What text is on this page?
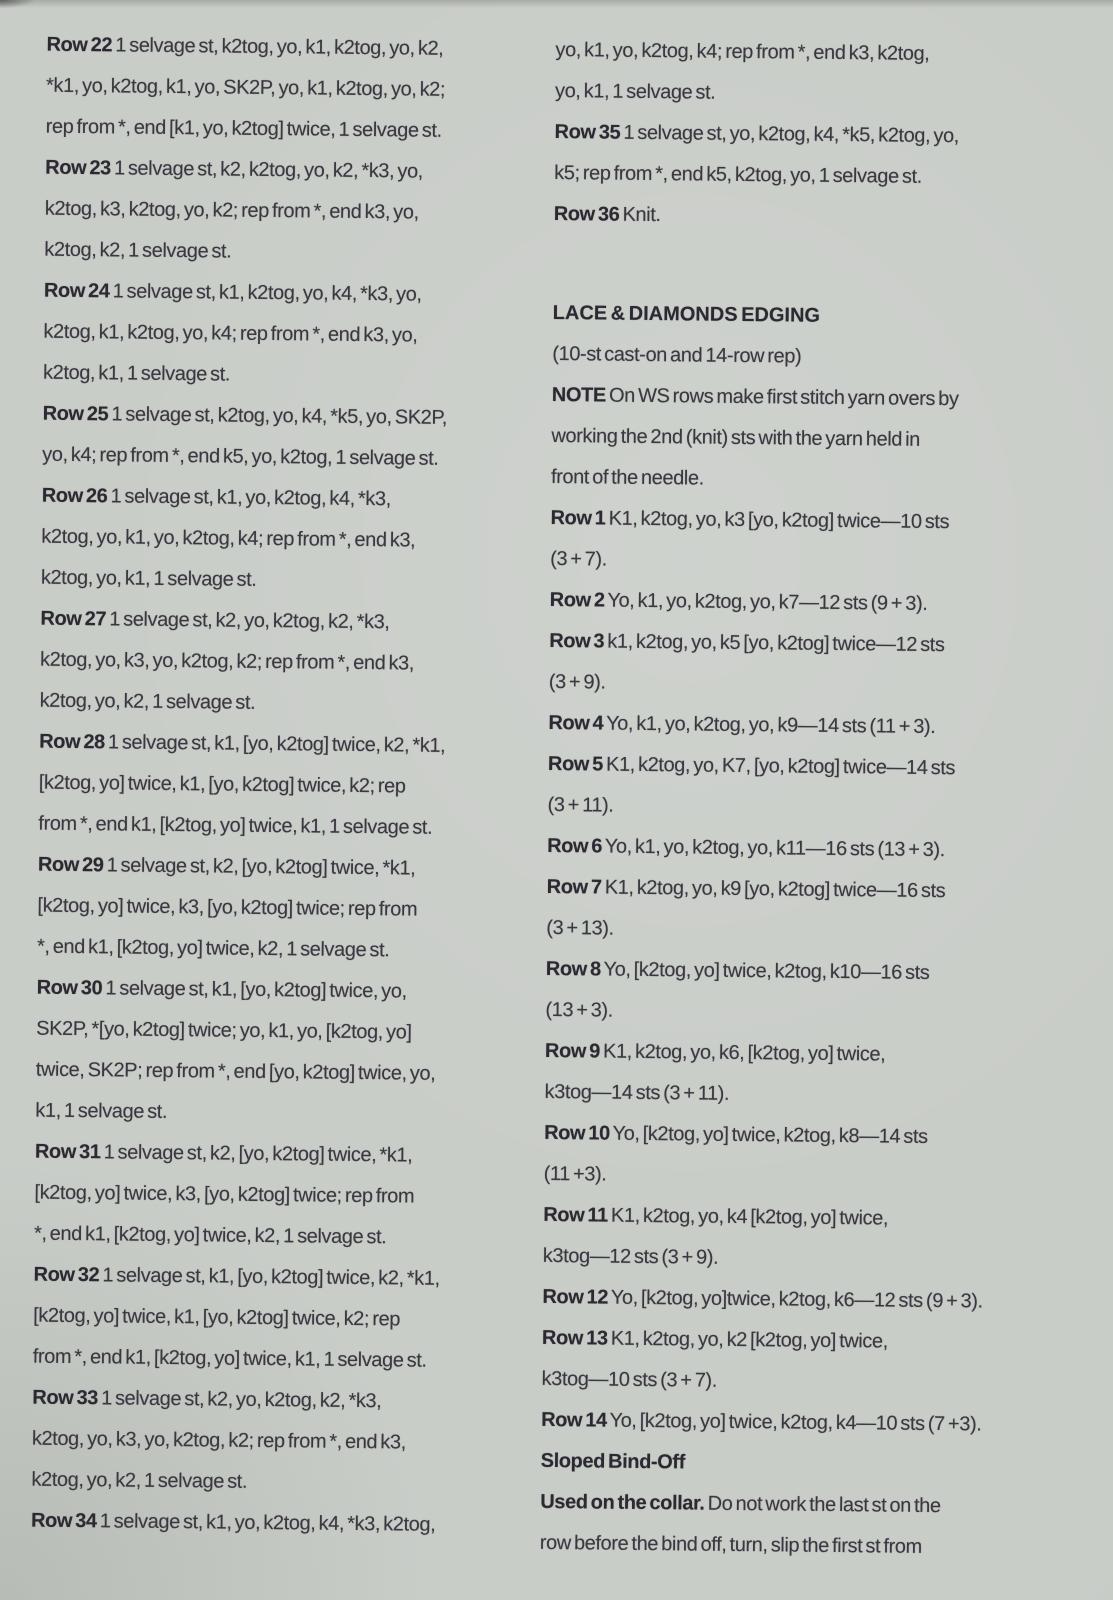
Row 22 1 selvage st, k2tog, yo, k1, k2tog, yo, k2,
*k1, yo, k2tog, k1, yo, SK2P, yo, k1, k2tog, yo, k2;
rep from *, end [k1, yo, k2tog] twice, 1 selvage st.

Row 23 1 selvage st, k2, k2tog, yo, k2, *k3, yo,
k2tog, k3, k2tog, yo, k2; rep from *, end k3, yo,
k2tog, k2, 1 selvage st.

Row 24 1 selvage st, k1, k2tog, yo, k4, *k3, yo,
k2tog, k1, k2tog, yo, k4; rep from *, end k3, yo,
k2tog, k1, 1 selvage st.

Row 25 1 selvage st, k2tog, yo, k4, *k5, yo, SK2P,
yo, k4; rep from *, end k5, yo, k2tog, 1 selvage st.

Row 26 1 selvage st, k1, yo, k2tog, k4, *k3,
k2tog, yo, k1, yo, k2tog, k4; rep from *, end k3,
k2tog, yo, k1, 1 selvage st.

Row 27 1 selvage st, k2, yo, k2tog, k2, *k3,
k2tog, yo, k3, yo, k2tog, k2; rep from *, end k3,
k2tog, yo, k2, 1 selvage st.

Row 28 1 selvage st, k1, [yo, k2tog] twice, k2, *k1,
[k2tog, yo] twice, k1, [yo, k2tog] twice, k2; rep
from *, end k1, [k2tog, yo] twice, k1, 1 selvage st.

Row 29 1 selvage st, k2, [yo, k2tog] twice, *k1,
[k2tog, yo] twice, k3, [yo, k2tog] twice; rep from
*, end k1, [k2tog, yo] twice, k2, 1 selvage st.

Row 30 1 selvage st, k1, [yo, k2tog] twice, yo,
SK2P, *[yo, k2tog] twice; yo, k1, yo, [k2tog, yo]
twice, SK2P; rep from *, end [yo, k2tog] twice, yo,
k1, 1 selvage st.

Row 31 1 selvage st, k2, [yo, k2tog] twice, *k1,
[k2tog, yo] twice, k3, [yo, k2tog] twice; rep from
*, end k1, [k2tog, yo] twice, k2, 1 selvage st.

Row 32 1 selvage st, k1, [yo, k2tog] twice, k2, *k1,
[k2tog, yo] twice, k1, [yo, k2tog] twice, k2; rep
from *, end k1, [k2tog, yo] twice, k1, 1 selvage st.

Row 33 1 selvage st, k2, yo, k2tog, k2, *k3,
k2tog, yo, k3, yo, k2tog, k2; rep from *, end k3,
k2tog, yo, k2, 1 selvage st.

Row 34 1 selvage st, k1, yo, k2tog, k4, *k3, k2tog,

yo, k1, yo, k2tog, k4; rep from *, end k3, k2tog,
yo, k1, 1 selvage st.

Row 35 1 selvage st, yo, k2tog, k4, *k5, k2tog, yo,
k5; rep from *, end k5, k2tog, yo, 1 selvage st.

Row 36 Knit.

LACE & DIAMONDS EDGING

(10-st cast-on and 14-row rep)

NOTE On WS rows make first stitch yarn overs by
working the 2nd (knit) sts with the yarn held in
front of the needle.

Row 1 K1, k2tog, yo, k3 [yo, k2tog] twice—10 sts
(3 + 7).

Row 2 Yo, k1, yo, k2tog, yo, k7—12 sts (9 + 3).

Row 3 k1, k2tog, yo, k5 [yo, k2tog] twice—12 sts
(3 + 9).

Row 4 Yo, k1, yo, k2tog, yo, k9—14 sts (11 + 3).

Row 5 K1, k2tog, yo, K7, [yo, k2tog] twice—14 sts
(3 + 11).

Row 6 Yo, k1, yo, k2tog, yo, k11—16 sts (13 + 3).

Row 7 K1, k2tog, yo, k9 [yo, k2tog] twice—16 sts
(3 + 13).

Row 8 Yo, [k2tog, yo] twice, k2tog, k10—16 sts
(13 + 3).

Row 9 K1, k2tog, yo, k6, [k2tog, yo] twice,
k3tog—14 sts (3 + 11).

Row 10 Yo, [k2tog, yo] twice, k2tog, k8—14 sts
(11 +3).

Row 11 K1, k2tog, yo, k4 [k2tog, yo] twice,
k3tog—12 sts (3 + 9).

Row 12 Yo, [k2tog, yo]twice, k2tog, k6—12 sts (9 + 3).

Row 13 K1, k2tog, yo, k2 [k2tog, yo] twice,
k3tog—10 sts (3 + 7).

Row 14 Yo, [k2tog, yo] twice, k2tog, k4—10 sts (7 +3).

Sloped Bind-Off

Used on the collar. Do not work the last st on the
row before the bind off, turn, slip the first st from
